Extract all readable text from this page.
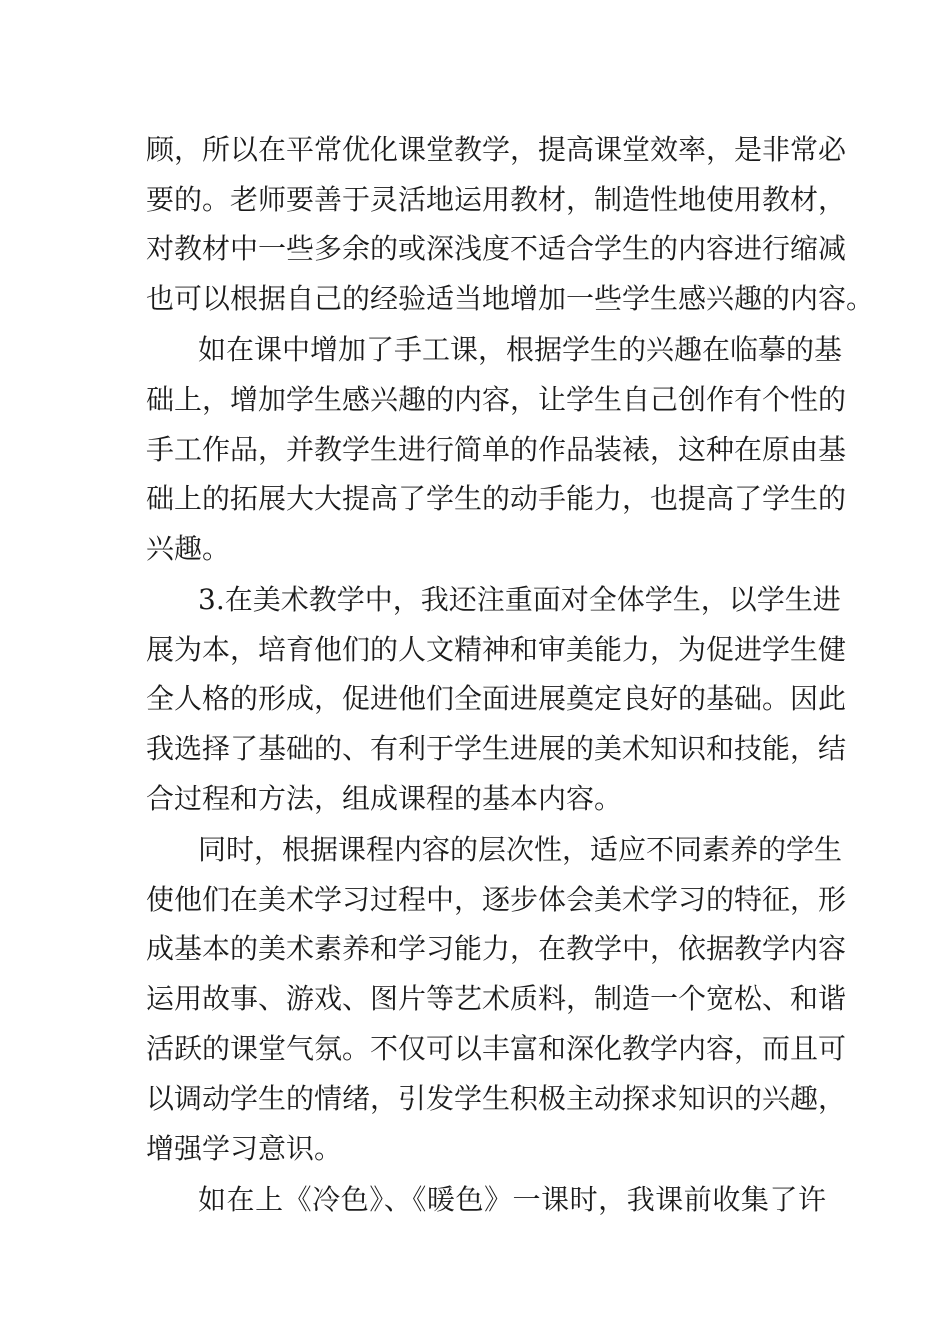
顾，所以在平常优化课堂教学，提高课堂效率，是非常必
要的。老师要善于灵活地运用教材，制造性地使用教材，
对教材中一些多余的或深浅度不适合学生的内容进行缩减
也可以根据自己的经验适当地增加一些学生感兴趣的内容。
如在课中增加了手工课，根据学生的兴趣在临摹的基
础上，增加学生感兴趣的内容，让学生自己创作有个性的
手工作品，并教学生进行简单的作品装裱，这种在原由基
础上的拓展大大提高了学生的动手能力，也提高了学生的
兴趣。
3.在美术教学中，我还注重面对全体学生，以学生进
展为本，培育他们的人文精神和审美能力，为促进学生健
全人格的形成，促进他们全面进展奠定良好的基础。因此
我选择了基础的、有利于学生进展的美术知识和技能，结
合过程和方法，组成课程的基本内容。
同时，根据课程内容的层次性，适应不同素养的学生
使他们在美术学习过程中，逐步体会美术学习的特征，形
成基本的美术素养和学习能力，在教学中，依据教学内容
运用故事、游戏、图片等艺术质料，制造一个宽松、和谐
活跃的课堂气氛。不仅可以丰富和深化教学内容，而且可
以调动学生的情绪，引发学生积极主动探求知识的兴趣，
增强学习意识。
如在上《冷色》、《暖色》一课时，我课前收集了许
